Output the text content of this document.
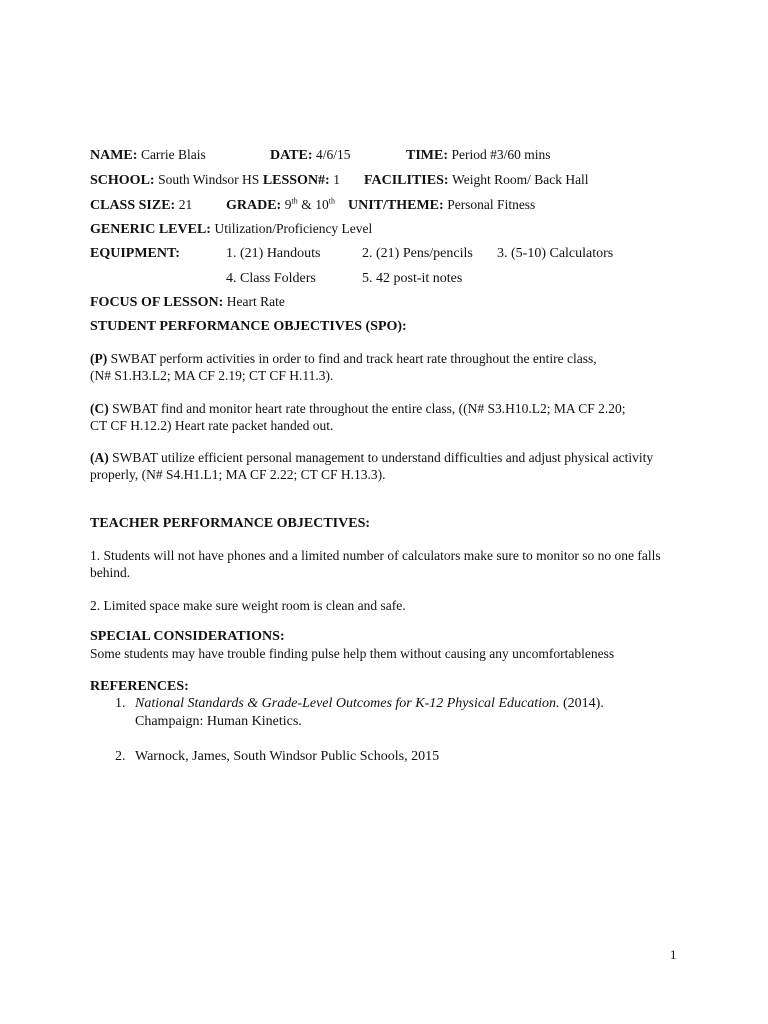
NAME: Carrie Blais	DATE: 4/6/15	TIME: Period #3/60 mins
SCHOOL: South Windsor HS LESSON#: 1 FACILITIES: Weight Room/ Back Hall
CLASS SIZE: 21 GRADE: 9th & 10th UNIT/THEME: Personal Fitness
GENERIC LEVEL: Utilization/Proficiency Level
EQUIPMENT:	1. (21) Handouts	2. (21) Pens/pencils 3. (5-10) Calculators
4. Class Folders	5. 42 post-it notes
FOCUS OF LESSON: Heart Rate
STUDENT PERFORMANCE OBJECTIVES (SPO):
(P) SWBAT perform activities in order to find and track heart rate throughout the entire class,
(N# S1.H3.L2; MA CF 2.19; CT CF H.11.3).
(C) SWBAT find and monitor heart rate throughout the entire class, ((N# S3.H10.L2; MA CF 2.20;
CT CF H.12.2) Heart rate packet handed out.
(A) SWBAT utilize efficient personal management to understand difficulties and adjust physical activity
properly, (N# S4.H1.L1; MA CF 2.22; CT CF H.13.3).
TEACHER PERFORMANCE OBJECTIVES:
1. Students will not have phones and a limited number of calculators make sure to monitor so no one falls
behind.
2. Limited space make sure weight room is clean and safe.
SPECIAL CONSIDERATIONS:
Some students may have trouble finding pulse help them without causing any uncomfortableness
REFERENCES:
1. National Standards & Grade-Level Outcomes for K-12 Physical Education. (2014).
Champaign: Human Kinetics.
2. Warnock, James, South Windsor Public Schools, 2015
1
